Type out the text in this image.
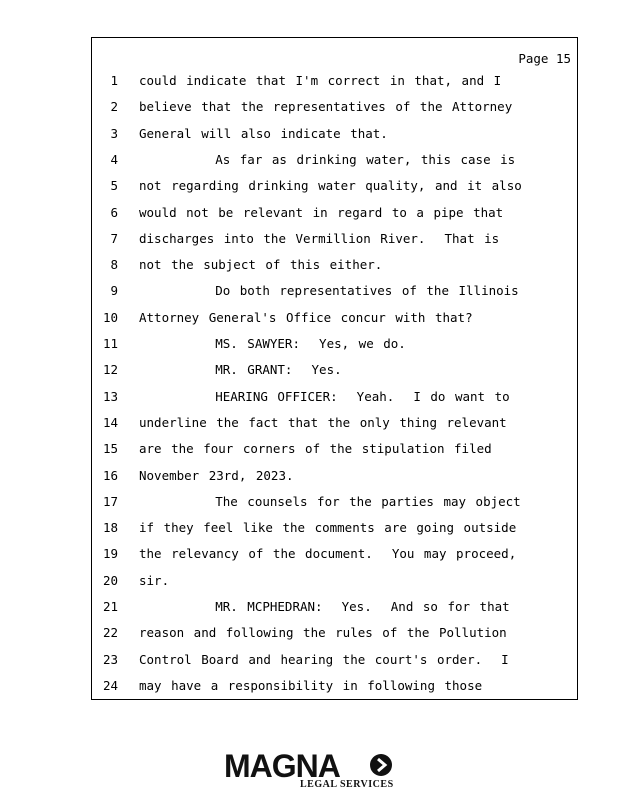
Page 15
1 could indicate that I'm correct in that, and I
2 believe that the representatives of the Attorney
3 General will also indicate that.
4 As far as drinking water, this case is
5 not regarding drinking water quality, and it also
6 would not be relevant in regard to a pipe that
7 discharges into the Vermillion River.  That is
8 not the subject of this either.
9 Do both representatives of the Illinois
10 Attorney General's Office concur with that?
11 MS. SAWYER:  Yes, we do.
12 MR. GRANT:  Yes.
13 HEARING OFFICER:  Yeah.  I do want to
14 underline the fact that the only thing relevant
15 are the four corners of the stipulation filed
16 November 23rd, 2023.
17 The counsels for the parties may object
18 if they feel like the comments are going outside
19 the relevancy of the document.  You may proceed,
20 sir.
21 MR. MCPHEDRAN:  Yes.  And so for that
22 reason and following the rules of the Pollution
23 Control Board and hearing the court's order.  I
24 may have a responsibility in following those
MAGNA
LEGAL SERVICES
